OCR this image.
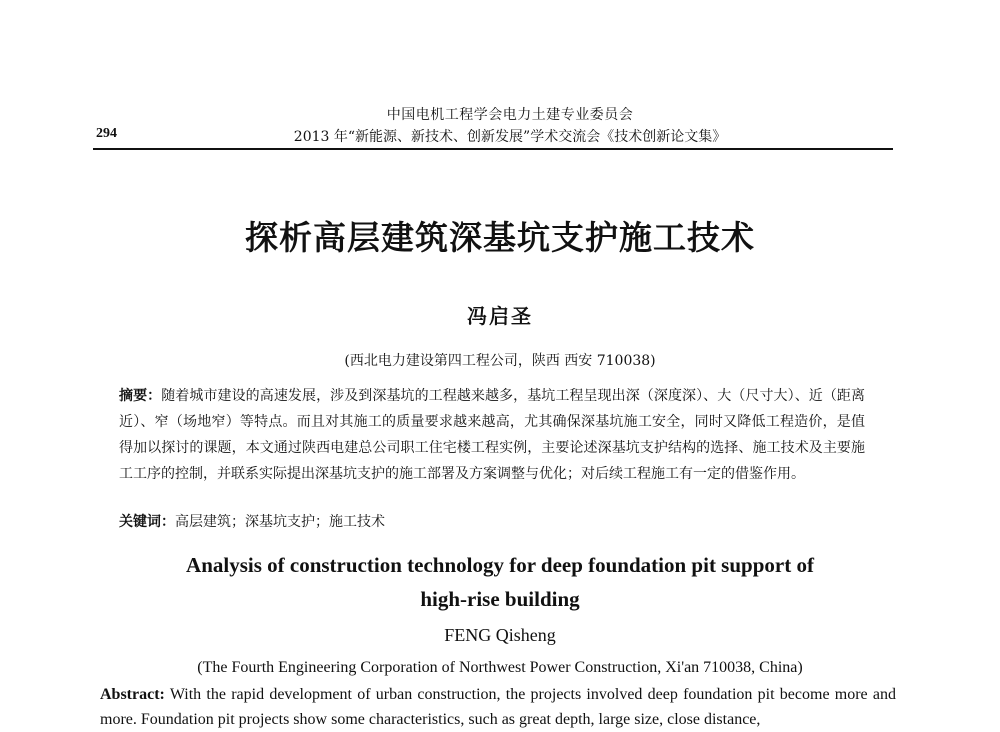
中国电机工程学会电力土建专业委员会
294	2013 年“新能源、新技术、创新发展”学术交流会《技术创新论文集》
探析高层建筑深基坑支护施工技术
冯启圣
(西北电力建设第四工程公司，陕西 西安 710038)
摘要：随着城市建设的高速发展，涉及到深基坑的工程越来越多，基坑工程呈现出深（深度深）、大（尺寸大）、近（距离近）、窄（场地窄）等特点。而且对其施工的质量要求越来越高，尤其确保深基坑施工安全，同时又降低工程造价，是值得加以探讨的课题，本文通过陕西电建总公司职工住宅楼工程实例，主要论述深基坑支护结构的选择、施工技术及主要施工工序的控制，并联系实际提出深基坑支护的施工部署及方案调整与优化；对后续工程施工有一定的借鉴作用。
关键词：高层建筑；深基坑支护；施工技术
Analysis of construction technology for deep foundation pit support of
high-rise building
FENG Qisheng
(The Fourth Engineering Corporation of Northwest Power Construction, Xi'an 710038, China)
Abstract: With the rapid development of urban construction, the projects involved deep foundation pit become more and more. Foundation pit projects show some characteristics, such as great depth, large size, close distance,
